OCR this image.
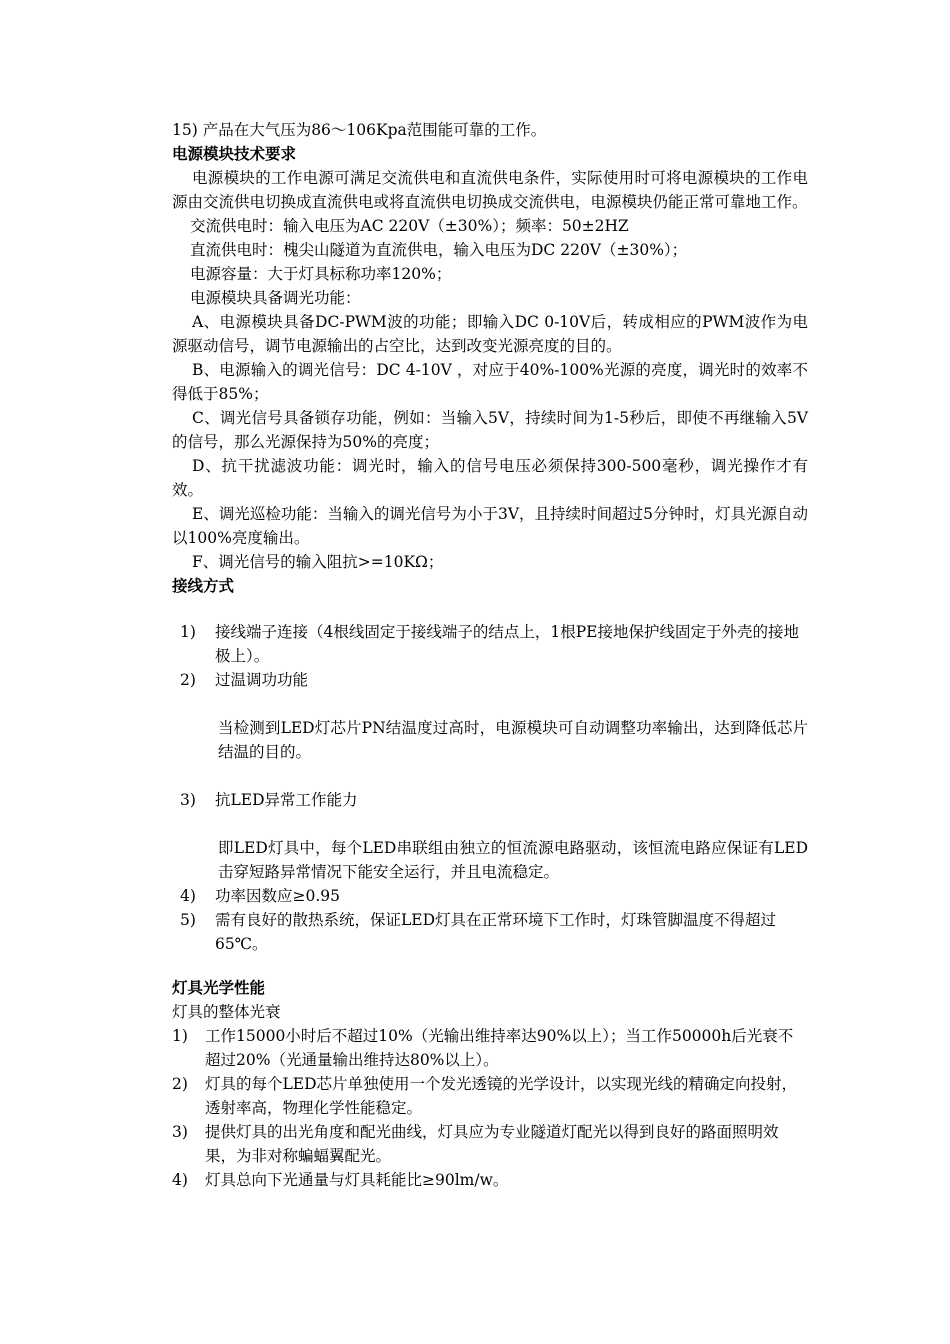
15) 产品在大气压为86～106Kpa范围能可靠的工作。

电源模块技术要求

电源模块的工作电源可满足交流供电和直流供电条件，实际使用时可将电源模块的工作电源由交流供电切换成直流供电或将直流供电切换成交流供电，电源模块仍能正常可靠地工作。

交流供电时：输入电压为AC 220V（±30%）；频率：50±2HZ

直流供电时：槐尖山隧道为直流供电，输入电压为DC 220V（±30%）；

电源容量：大于灯具标称功率120%；

电源模块具备调光功能：

A、电源模块具备DC-PWM波的功能；即输入DC 0-10V后，转成相应的PWM波作为电源驱动信号，调节电源输出的占空比，达到改变光源亮度的目的。

B、电源输入的调光信号：DC 4-10V ，对应于40%-100%光源的亮度，调光时的效率不得低于85%；

C、调光信号具备锁存功能，例如：当输入5V，持续时间为1-5秒后，即使不再继输入5V的信号，那么光源保持为50%的亮度；

D、抗干扰滤波功能：调光时，输入的信号电压必须保持300-500毫秒，调光操作才有效。

E、调光巡检功能：当输入的调光信号为小于3V，且持续时间超过5分钟时，灯具光源自动以100%亮度输出。

F、调光信号的输入阻抗>=10KΩ；

接线方式
1) 接线端子连接（4根线固定于接线端子的结点上，1根PE接地保护线固定于外壳的接地极上）。
2) 过温调功功能

当检测到LED灯芯片PN结温度过高时，电源模块可自动调整功率输出，达到降低芯片结温的目的。

3) 抗LED异常工作能力

即LED灯具中，每个LED串联组由独立的恒流源电路驱动，该恒流电路应保证有LED击穿短路异常情况下能安全运行，并且电流稳定。

4) 功率因数应≥0.95
5) 需有良好的散热系统，保证LED灯具在正常环境下工作时，灯珠管脚温度不得超过65℃。
灯具光学性能

灯具的整体光衰

1) 工作15000小时后不超过10%（光输出维持率达90%以上）；当工作50000h后光衰不超过20%（光通量输出维持达80%以上）。
2) 灯具的每个LED芯片单独使用一个发光透镜的光学设计，以实现光线的精确定向投射，透射率高，物理化学性能稳定。
3) 提供灯具的出光角度和配光曲线，灯具应为专业隧道灯配光以得到良好的路面照明效果，为非对称蝙蝠翼配光。
4) 灯具总向下光通量与灯具耗能比≥90lm/w。
